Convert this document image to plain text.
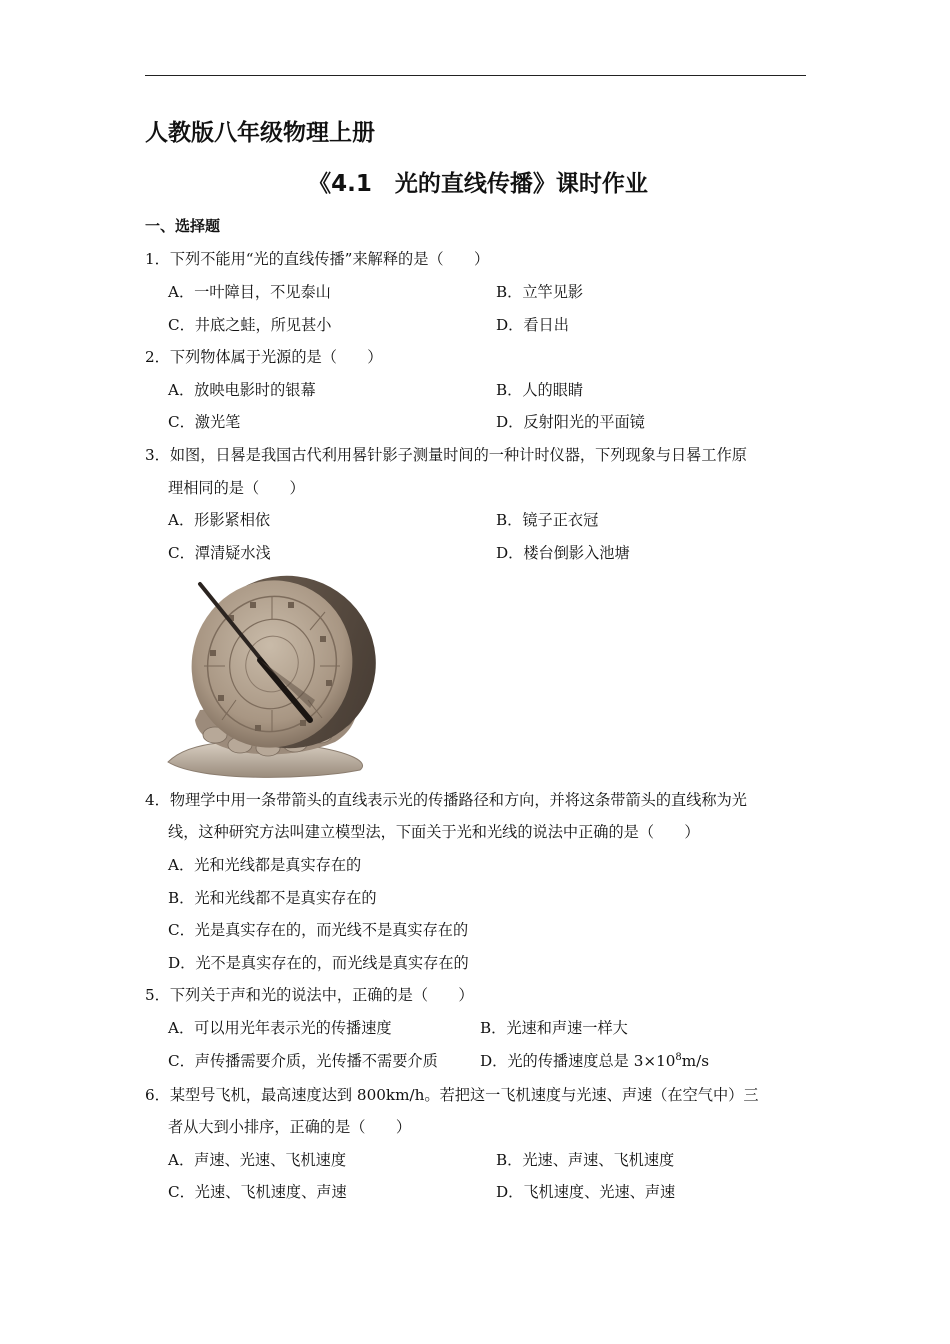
人教版八年级物理上册
《4.1　光的直线传播》课时作业
一、选择题
1．下列不能用“光的直线传播”来解释的是（　　）
A．一叶障目，不见泰山	B．立竿见影
C．井底之蛙，所见甚小	D．看日出
2．下列物体属于光源的是（　　）
A．放映电影时的银幕	B．人的眼睛
C．激光笔	D．反射阳光的平面镜
3．如图，日晷是我国古代利用晷针影子测量时间的一种计时仪器，下列现象与日晷工作原
理相同的是（　　）
A．形影紧相依	B．镜子正衣冠
C．潭清疑水浅	D．楼台倒影入池塘
4．物理学中用一条带箭头的直线表示光的传播路径和方向，并将这条带箭头的直线称为光
线，这种研究方法叫建立模型法，下面关于光和光线的说法中正确的是（　　）
A．光和光线都是真实存在的
B．光和光线都不是真实存在的
C．光是真实存在的，而光线不是真实存在的
D．光不是真实存在的，而光线是真实存在的
5．下列关于声和光的说法中，正确的是（　　）
A．可以用光年表示光的传播速度	B．光速和声速一样大
C．声传播需要介质，光传播不需要介质	D．光的传播速度总是 $3\times 10^8m/s$
6．某型号飞机，最高速度达到 800km/h。若把这一飞机速度与光速、声速（在空气中）三
者从大到小排序，正确的是（　　）
A．声速、光速、飞机速度	B．光速、声速、飞机速度
C．光速、飞机速度、声速	D．飞机速度、光速、声速
